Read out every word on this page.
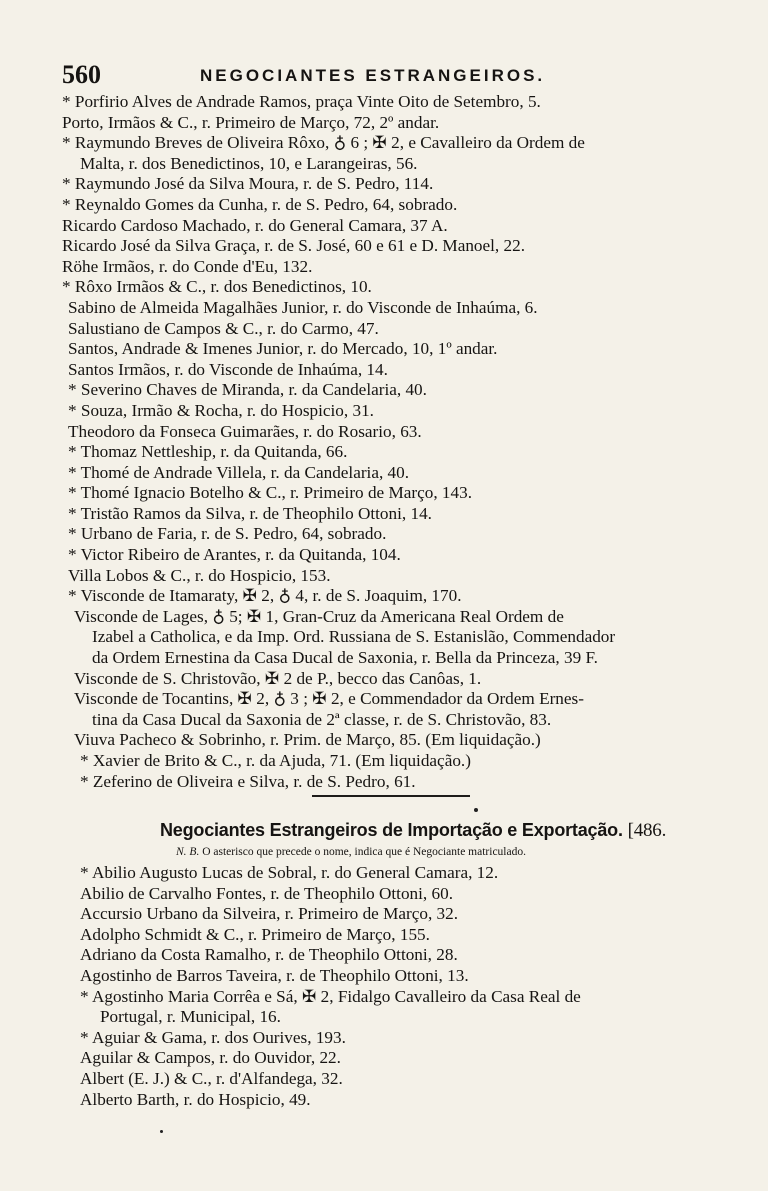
560	NEGOCIANTES ESTRANGEIROS.
* Porfirio Alves de Andrade Ramos, praça Vinte Oito de Setembro, 5.
Porto, Irmãos & C., r. Primeiro de Março, 72, 2º andar.
* Raymundo Breves de Oliveira Rôxo, ♁ 6 ; ✠ 2, e Cavalleiro da Ordem de
Malta, r. dos Benedictinos, 10, e Larangeiras, 56.
* Raymundo José da Silva Moura, r. de S. Pedro, 114.
* Reynaldo Gomes da Cunha, r. de S. Pedro, 64, sobrado.
Ricardo Cardoso Machado, r. do General Camara, 37 A.
Ricardo José da Silva Graça, r. de S. José, 60 e 61 e D. Manoel, 22.
Röhe Irmãos, r. do Conde d'Eu, 132.
* Rôxo Irmãos & C., r. dos Benedictinos, 10.
Sabino de Almeida Magalhães Junior, r. do Visconde de Inhaúma, 6.
Salustiano de Campos & C., r. do Carmo, 47.
Santos, Andrade & Imenes Junior, r. do Mercado, 10, 1º andar.
Santos Irmãos, r. do Visconde de Inhaúma, 14.
* Severino Chaves de Miranda, r. da Candelaria, 40.
* Souza, Irmão & Rocha, r. do Hospicio, 31.
Theodoro da Fonseca Guimarães, r. do Rosario, 63.
* Thomaz Nettleship, r. da Quitanda, 66.
* Thomé de Andrade Villela, r. da Candelaria, 40.
* Thomé Ignacio Botelho & C., r. Primeiro de Março, 143.
* Tristão Ramos da Silva, r. de Theophilo Ottoni, 14.
* Urbano de Faria, r. de S. Pedro, 64, sobrado.
* Victor Ribeiro de Arantes, r. da Quitanda, 104.
Villa Lobos & C., r. do Hospicio, 153.
* Visconde de Itamaraty, ✠ 2, ♁ 4, r. de S. Joaquim, 170.
Visconde de Lages, ♁ 5; ✠ 1, Gran-Cruz da Americana Real Ordem de
Izabel a Catholica, e da Imp. Ord. Russiana de S. Estanislão, Commendador
da Ordem Ernestina da Casa Ducal de Saxonia, r. Bella da Princeza, 39 F.
Visconde de S. Christovão, ✠ 2 de P., becco das Canôas, 1.
Visconde de Tocantins, ✠ 2, ♁ 3 ; ✠ 2, e Commendador da Ordem Ernes-
tina da Casa Ducal da Saxonia de 2ª classe, r. de S. Christovão, 83.
Viuva Pacheco & Sobrinho, r. Prim. de Março, 85. (Em liquidação.)
* Xavier de Brito & C., r. da Ajuda, 71. (Em liquidação.)
* Zeferino de Oliveira e Silva, r. de S. Pedro, 61.
Negociantes Estrangeiros de Importação e Exportação. [486.
N. B. O asterisco que precede o nome, indica que é Negociante matriculado.
* Abilio Augusto Lucas de Sobral, r. do General Camara, 12.
Abilio de Carvalho Fontes, r. de Theophilo Ottoni, 60.
Accursio Urbano da Silveira, r. Primeiro de Março, 32.
Adolpho Schmidt & C., r. Primeiro de Março, 155.
Adriano da Costa Ramalho, r. de Theophilo Ottoni, 28.
Agostinho de Barros Taveira, r. de Theophilo Ottoni, 13.
* Agostinho Maria Corrêa e Sá, ✠ 2, Fidalgo Cavalleiro da Casa Real de
Portugal, r. Municipal, 16.
* Aguiar & Gama, r. dos Ourives, 193.
Aguilar & Campos, r. do Ouvidor, 22.
Albert (E. J.) & C., r. d'Alfandega, 32.
Alberto Barth, r. do Hospicio, 49.
